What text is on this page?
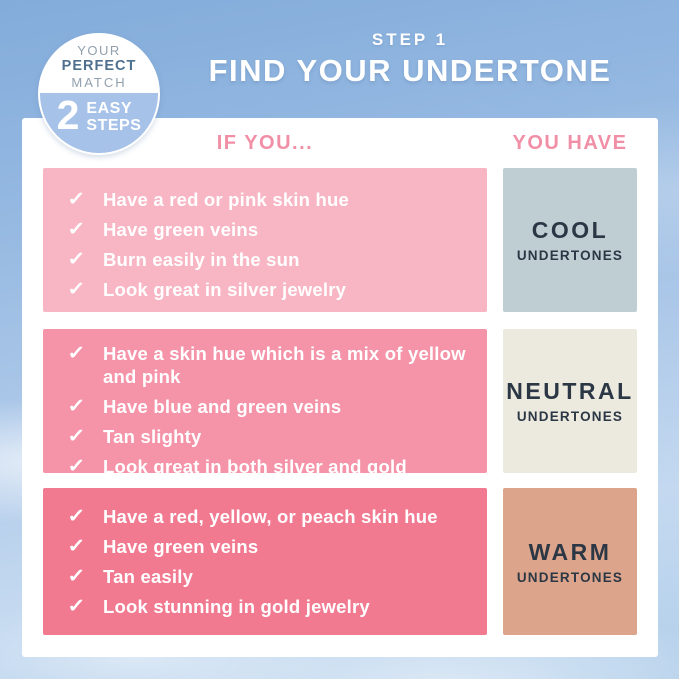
STEP 1
FIND YOUR UNDERTONE
YOUR
PERFECT
MATCH
2 EASY
STEPS
IF YOU...	YOU HAVE
✓ Have a red or pink skin hue
✓ Have green veins
✓ Burn easily in the sun
✓ Look great in silver jewelry
COOL
UNDERTONES
✓ Have a skin hue which is a mix of yellow and pink
✓ Have blue and green veins
✓ Tan slighty
✓ Look great in both silver and gold
NEUTRAL
UNDERTONES
✓ Have a red, yellow, or peach skin hue
✓ Have green veins
✓ Tan easily
✓ Look stunning in gold jewelry
WARM
UNDERTONES
